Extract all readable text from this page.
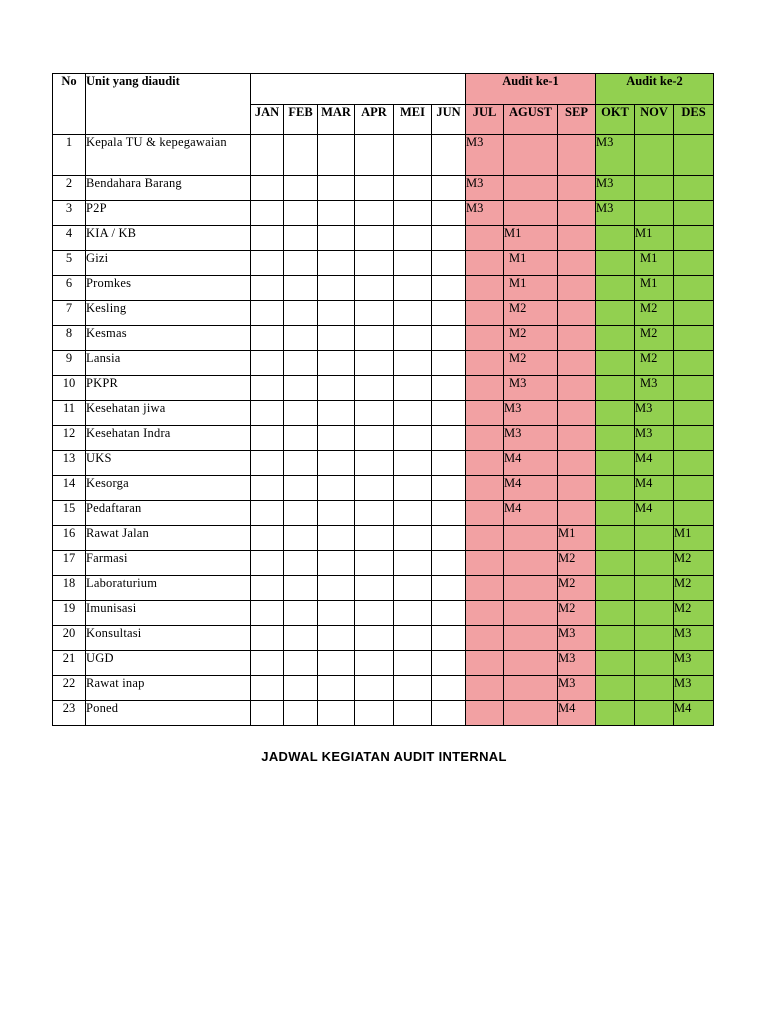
No	Unit yang diaudit							Audit ke-1			Audit ke-2		
		JAN	FEB	MAR	APR	MEI	JUN	JUL	AGUST	SEP	OKT	NOV	DES
1	Kepala TU & kepegawaian							M3			M3		
2	Bendahara Barang							M3			M3		
3	P2P							M3			M3		
4	KIA / KB								M1			M1	
5	Gizi								M1			M1	
6	Promkes								M1			M1	
7	Kesling								M2			M2	
8	Kesmas								M2			M2	
9	Lansia								M2			M2	
10	PKPR								M3			M3	
11	Kesehatan jiwa								M3			M3	
12	Kesehatan Indra								M3			M3	
13	UKS								M4			M4	
14	Kesorga								M4			M4	
15	Pedaftaran								M4			M4	
16	Rawat Jalan									M1			M1
17	Farmasi									M2			M2
18	Laboraturium									M2			M2
19	Imunisasi									M2			M2
20	Konsultasi									M3			M3
21	UGD									M3			M3
22	Rawat inap									M3			M3
23	Poned									M4			M4
JADWAL KEGIATAN AUDIT INTERNAL
